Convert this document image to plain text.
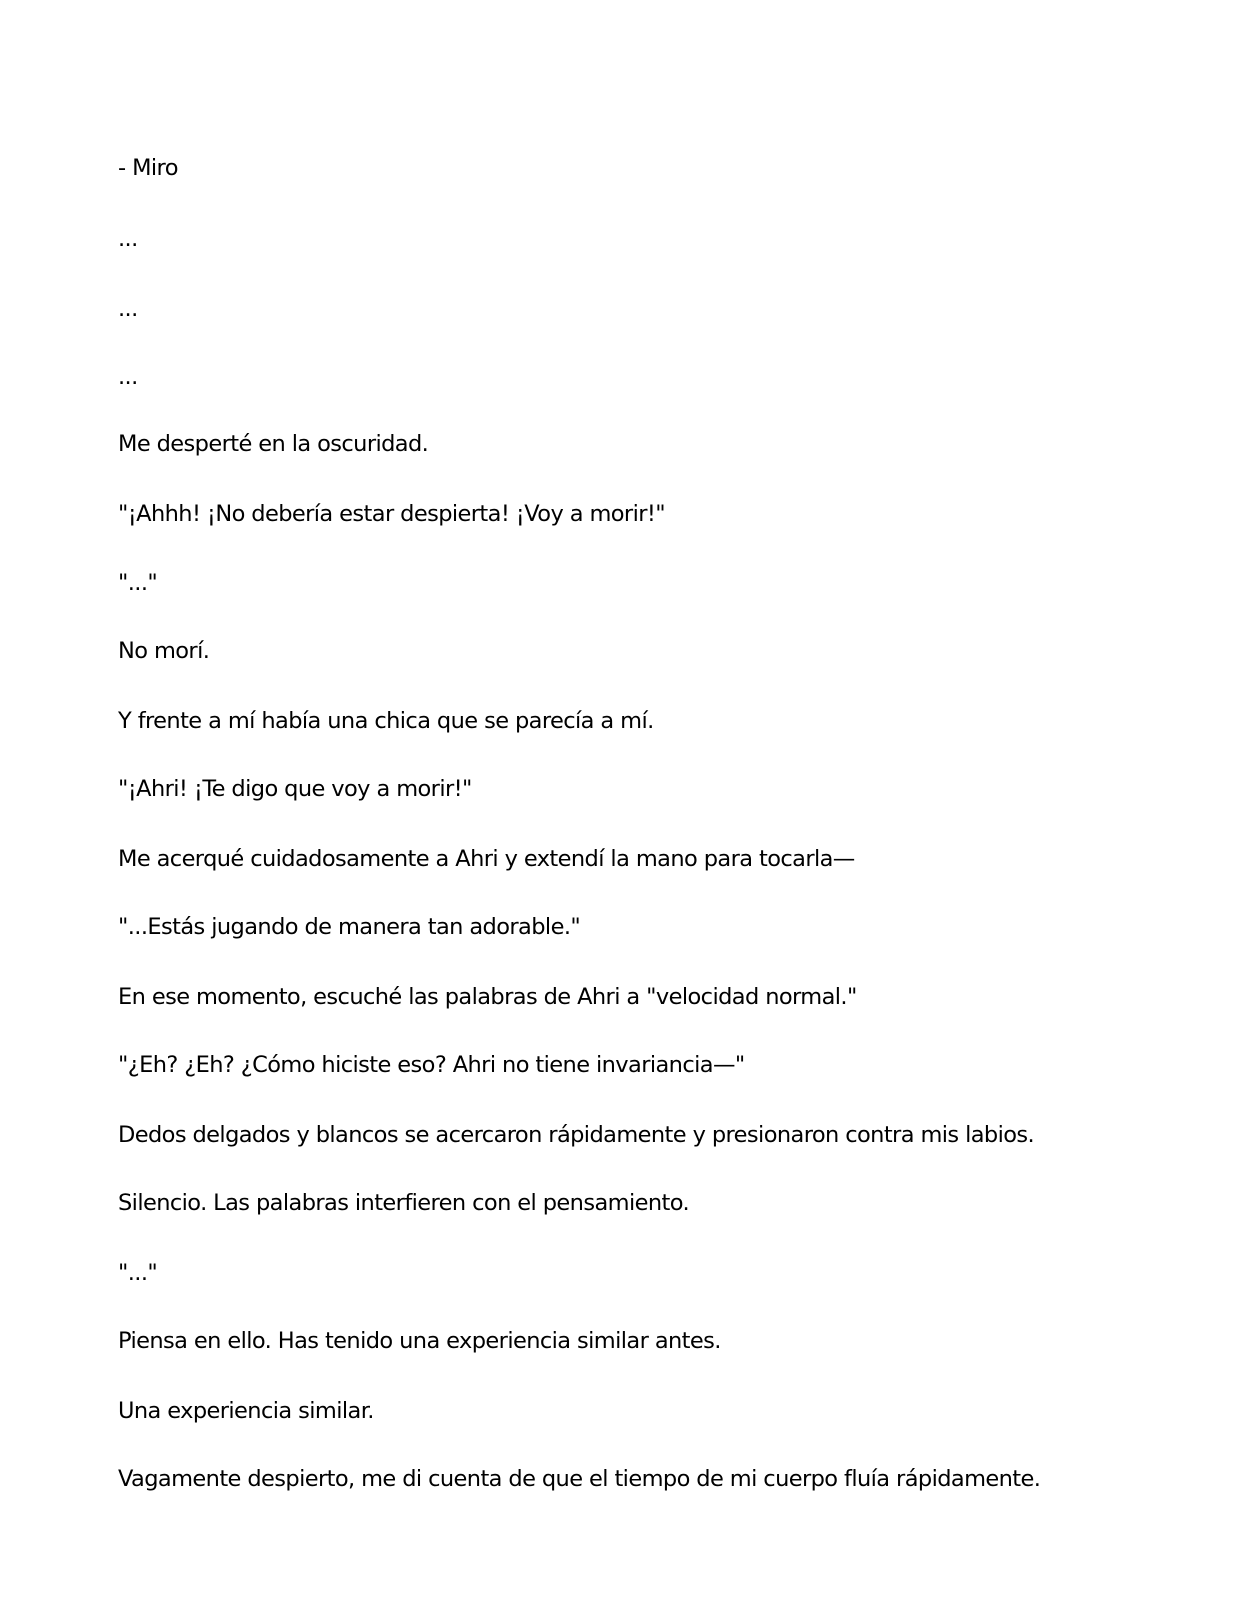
- Miro

...

...

...

Me desperté en la oscuridad.

"¡Ahhh! ¡No debería estar despierta! ¡Voy a morir!"

"..."

No morí.

Y frente a mí había una chica que se parecía a mí.

"¡Ahri! ¡Te digo que voy a morir!"

Me acerqué cuidadosamente a Ahri y extendí la mano para tocarla—

"...Estás jugando de manera tan adorable."

En ese momento, escuché las palabras de Ahri a "velocidad normal."

"¿Eh? ¿Eh? ¿Cómo hiciste eso? Ahri no tiene invariancia—"

Dedos delgados y blancos se acercaron rápidamente y presionaron contra mis labios.

Silencio. Las palabras interfieren con el pensamiento.

"..."

Piensa en ello. Has tenido una experiencia similar antes.

Una experiencia similar.

Vagamente despierto, me di cuenta de que el tiempo de mi cuerpo fluía rápidamente.
